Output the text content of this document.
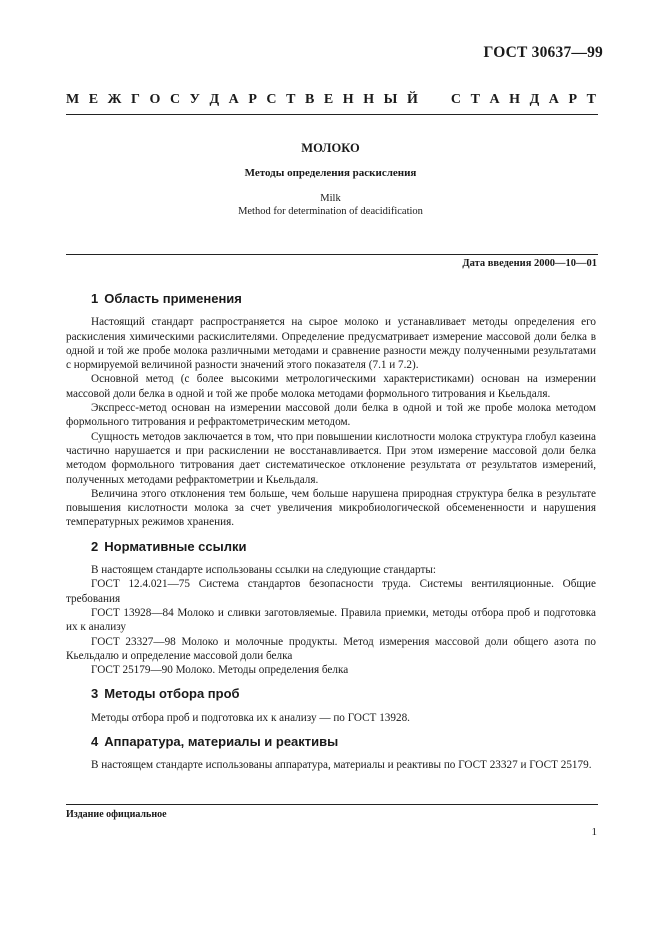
ГОСТ 30637—99
М Е Ж Г О С У Д А Р С Т В Е Н Н Ы Й С Т А Н Д А Р Т
МОЛОКО
Методы определения раскисления
Milk
Method for determination of deacidification
Дата введения 2000—10—01
1 Область применения

Настоящий стандарт распространяется на сырое молоко и устанавливает методы определения его раскисления химическими раскислителями. Определение предусматривает измерение массовой доли белка в одной и той же пробе молока различными методами и сравнение разности между полученными результатами с нормируемой величиной разности значений этого показателя (7.1 и 7.2).

Основной метод (с более высокими метрологическими характеристиками) основан на измерении массовой доли белка в одной и той же пробе молока методами формольного титрования и Кьельдаля.

Экспресс-метод основан на измерении массовой доли белка в одной и той же пробе молока методом формольного титрования и рефрактометрическим методом.

Сущность методов заключается в том, что при повышении кислотности молока структура глобул казеина частично нарушается и при раскислении не восстанавливается. При этом измерение массовой доли белка методом формольного титрования дает систематическое отклонение результата от результатов измерений, полученных методами рефрактометрии и Кьельдаля.

Величина этого отклонения тем больше, чем больше нарушена природная структура белка в результате повышения кислотности молока за счет увеличения микробиологической обсемененности и нарушения температурных режимов хранения.

2 Нормативные ссылки

В настоящем стандарте использованы ссылки на следующие стандарты:

ГОСТ 12.4.021—75 Система стандартов безопасности труда. Системы вентиляционные. Общие требования

ГОСТ 13928—84 Молоко и сливки заготовляемые. Правила приемки, методы отбора проб и подготовка их к анализу

ГОСТ 23327—98 Молоко и молочные продукты. Метод измерения массовой доли общего азота по Кьельдалю и определение массовой доли белка

ГОСТ 25179—90 Молоко. Методы определения белка

3 Методы отбора проб

Методы отбора проб и подготовка их к анализу — по ГОСТ 13928.

4 Аппаратура, материалы и реактивы

В настоящем стандарте использованы аппаратура, материалы и реактивы по ГОСТ 23327 и ГОСТ 25179.

Издание официальное
1
